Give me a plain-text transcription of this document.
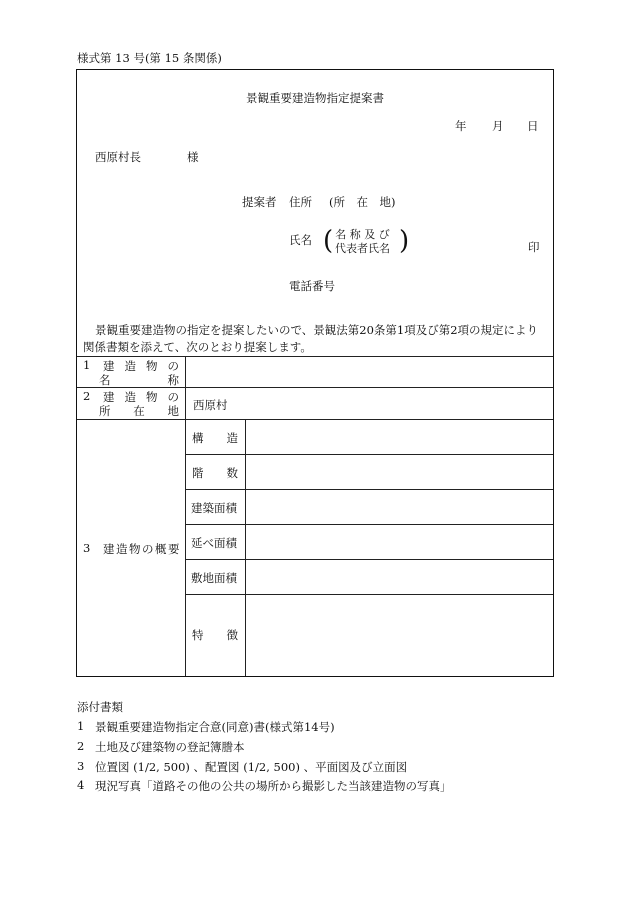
様式第 13 号(第 15 条関係)
景観重要建造物指定提案書
年 月 日
西原村長	様
提案者 住所 (所　在　地)
氏名 ( 名 称 及 び
代表者氏名 )	印
電話番号
景観重要建造物の指定を提案したいので、景観法第20条第1項及び第2項の規定により関係書類を添えて、次のとおり提案します。
1 建 造 物 の
名	称
2 建 造 物 の
所 在 地 西原村
3 建造物の概要
構 造
階 数
建築面積
延べ面積
敷地面積
特 徴
添付書類
1 景観重要建造物指定合意(同意)書(様式第14号)
2 土地及び建築物の登記簿謄本
3 位置図 (1/2, 500) 、配置図 (1/2, 500) 、平面図及び立面図
4 現況写真「道路その他の公共の場所から撮影した当該建造物の写真」
